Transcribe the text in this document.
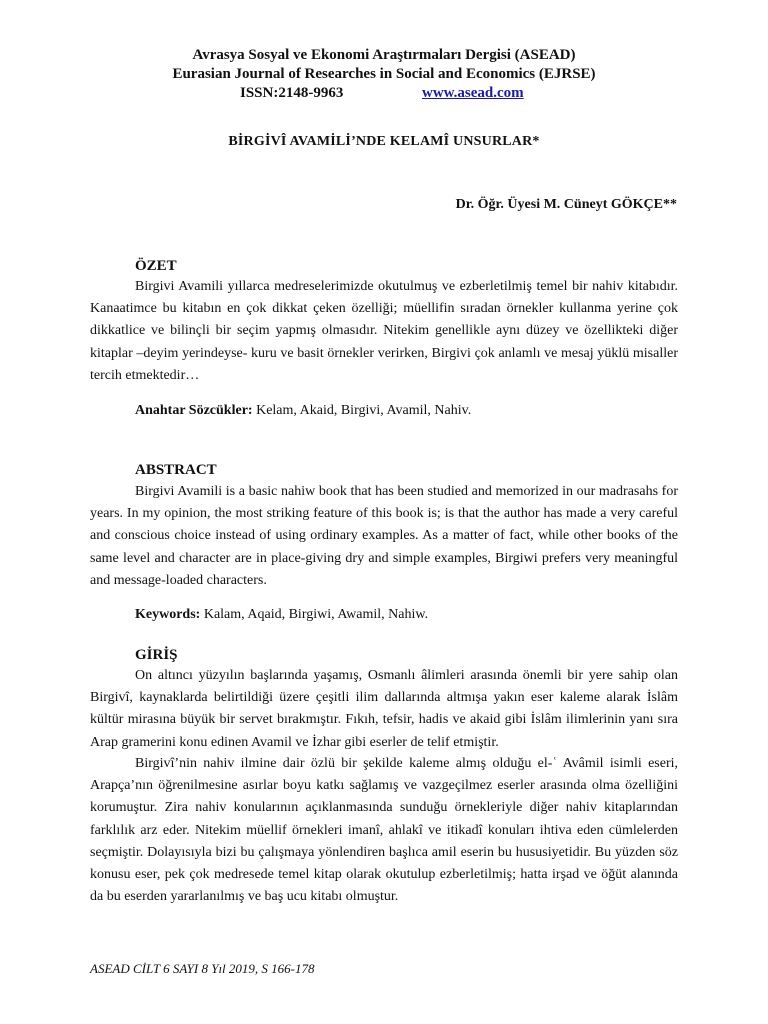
Avrasya Sosyal ve Ekonomi Araştırmaları Dergisi (ASEAD)
Eurasian Journal of Researches in Social and Economics (EJRSE)
ISSN:2148-9963	www.asead.com
BİRGİVÎ AVAMİLİ’NDE KELAMÎ UNSURLAR*
Dr. Öğr. Üyesi M. Cüneyt GÖKÇE**
ÖZET

Birgivi Avamili yıllarca medreselerimizde okutulmuş ve ezberletilmiş temel bir nahiv kitabıdır. Kanaatimce bu kitabın en çok dikkat çeken özelliği; müellifin sıradan örnekler kullanma yerine çok dikkatlice ve bilinçli bir seçim yapmış olmasıdır. Nitekim genellikle aynı düzey ve özellikteki diğer kitaplar –deyim yerindeyse- kuru ve basit örnekler verirken, Birgivi çok anlamlı ve mesaj yüklü misaller tercih etmektedir…

Anahtar Sözcükler: Kelam, Akaid, Birgivi, Avamil, Nahiv.
ABSTRACT

Birgivi Avamili is a basic nahiw book that has been studied and memorized in our madrasahs for years. In my opinion, the most striking feature of this book is; is that the author has made a very careful and conscious choice instead of using ordinary examples. As a matter of fact, while other books of the same level and character are in place-giving dry and simple examples, Birgiwi prefers very meaningful and message-loaded characters.

Keywords: Kalam, Aqaid, Birgiwi, Awamil, Nahiw.
GİRİŞ

On altıncı yüzyılın başlarında yaşamış, Osmanlı âlimleri arasında önemli bir yere sahip olan Birgivî, kaynaklarda belirtildiği üzere çeşitli ilim dallarında altmışa yakın eser kaleme alarak İslâm kültür mirasına büyük bir servet bırakmıştır. Fıkıh, tefsir, hadis ve akaid gibi İslâm ilimlerinin yanı sıra Arap gramerini konu edinen Avamil ve İzhar gibi eserler de telif etmiştir.

Birgivî’nin nahiv ilmine dair özlü bir şekilde kaleme almış olduğu el-ʿ Avâmil isimli eseri, Arapça’nın öğrenilmesine asırlar boyu katkı sağlamış ve vazgeçilmez eserler arasında olma özelliğini korumuştur. Zira nahiv konularının açıklanmasında sunduğu örnekleriyle diğer nahiv kitaplarından farklılık arz eder. Nitekim müellif örnekleri imanî, ahlakî ve itikadî konuları ihtiva eden cümlelerden seçmiştir. Dolayısıyla bizi bu çalışmaya yönlendiren başlıca amil eserin bu hususiyetidir. Bu yüzden söz konusu eser, pek çok medresede temel kitap olarak okutulup ezberletilmiş; hatta irşad ve öğüt alanında da bu eserden yararlanılmış ve baş ucu kitabı olmuştur.

ASEAD CİLT 6 SAYI 8 Yıl 2019, S 166-178
